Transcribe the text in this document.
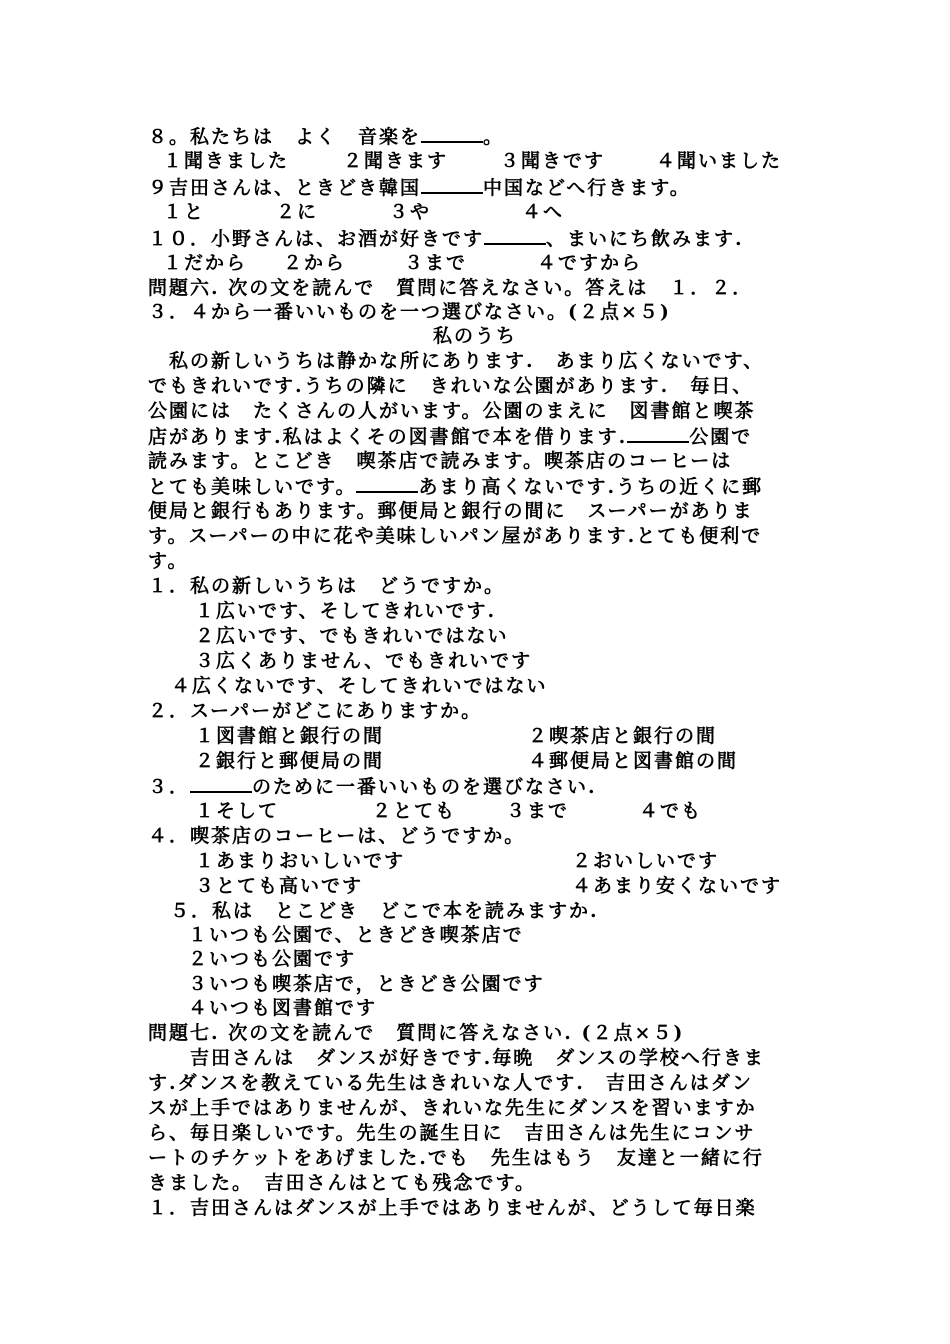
８。私たちは　よく　音楽を	。
１聞きました	２聞きます	３聞きです	４聞いました
９吉田さんは、ときどき韓国	中国などへ行きます。
１と	２に	３や	４へ
１０．小野さんは、お酒が好きです	、まいにち飲みます.
１だから ２から	３まで	４ですから
問題六. 次の文を読んで　質問に答えなさい。答えは　１．２．
３．４から一番いいものを一つ選びなさい。(２点×５)
私のうち
　私の新しいうちは静かな所にあります.　あまり広くないです、
でもきれいです.うちの隣に　きれいな公園があります.　毎日、
公園には　たくさんの人がいます。公園のまえに　図書館と喫茶
店があります.私はよくその図書館で本を借ります.	公園で
読みます。とこどき　喫茶店で読みます。喫茶店のコーヒーは
とても美味しいです。	あまり高くないです.うちの近くに郵
便局と銀行もあります。郵便局と銀行の間に　スーパーがありま
す。スーパーの中に花や美味しいパン屋があります.とても便利で
す。
１．私の新しいうちは　どうですか。
１広いです、そしてきれいです.
２広いです、でもきれいではない
３広くありません、でもきれいです
４広くないです、そしてきれいではない
２．スーパーがどこにありますか。
１図書館と銀行の間	２喫茶店と銀行の間
２銀行と郵便局の間	４郵便局と図書館の間
３．	のために一番いいものを選びなさい.
１そして	２とても	３まで	４でも
４．喫茶店のコーヒーは、どうですか。
１あまりおいしいです	２おいしいです
３とても高いです	４あまり安くないです
５．私は　とこどき　どこで本を読みますか.
１いつも公園で、ときどき喫茶店で
２いつも公園です
３いつも喫茶店で，ときどき公園です
４いつも図書館です
問題七. 次の文を読んで　質問に答えなさい. (２点×５)
　　吉田さんは　ダンスが好きです.毎晩　ダンスの学校へ行きま
す.ダンスを教えている先生はきれいな人です.　吉田さんはダン
スが上手ではありませんが、きれいな先生にダンスを習いますか
ら、毎日楽しいです。先生の誕生日に　吉田さんは先生にコンサ
ートのチケットをあげました.でも　先生はもう　友達と一緒に行
きました。　吉田さんはとても残念です。
１．吉田さんはダンスが上手ではありませんが、どうして毎日楽
